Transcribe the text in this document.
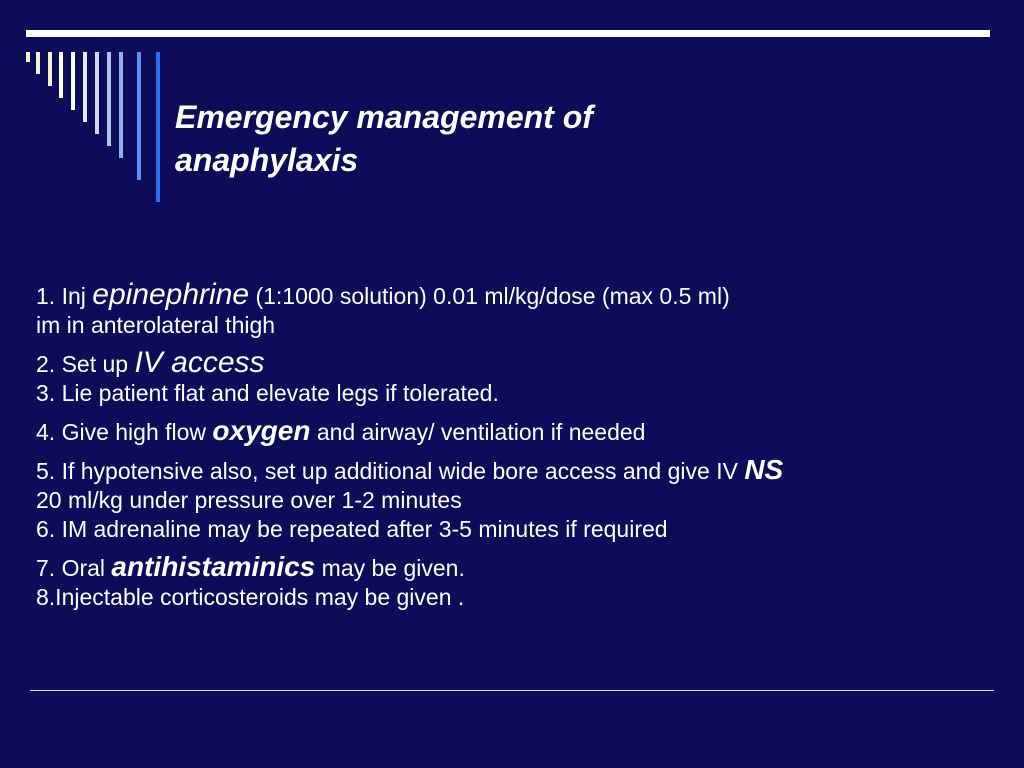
Emergency management of
anaphylaxis
1. Inj epinephrine (1:1000 solution) 0.01 ml/kg/dose (max 0.5 ml)
im in anterolateral thigh
2. Set up IV access
3. Lie patient flat and elevate legs if tolerated.
4. Give high flow oxygen and airway/ ventilation if needed
5. If hypotensive also, set up additional wide bore access and give IV NS
20 ml/kg under pressure over 1-2 minutes
6. IM adrenaline may be repeated after 3-5 minutes if required
7. Oral antihistaminics may be given.
8.Injectable corticosteroids may be given .
